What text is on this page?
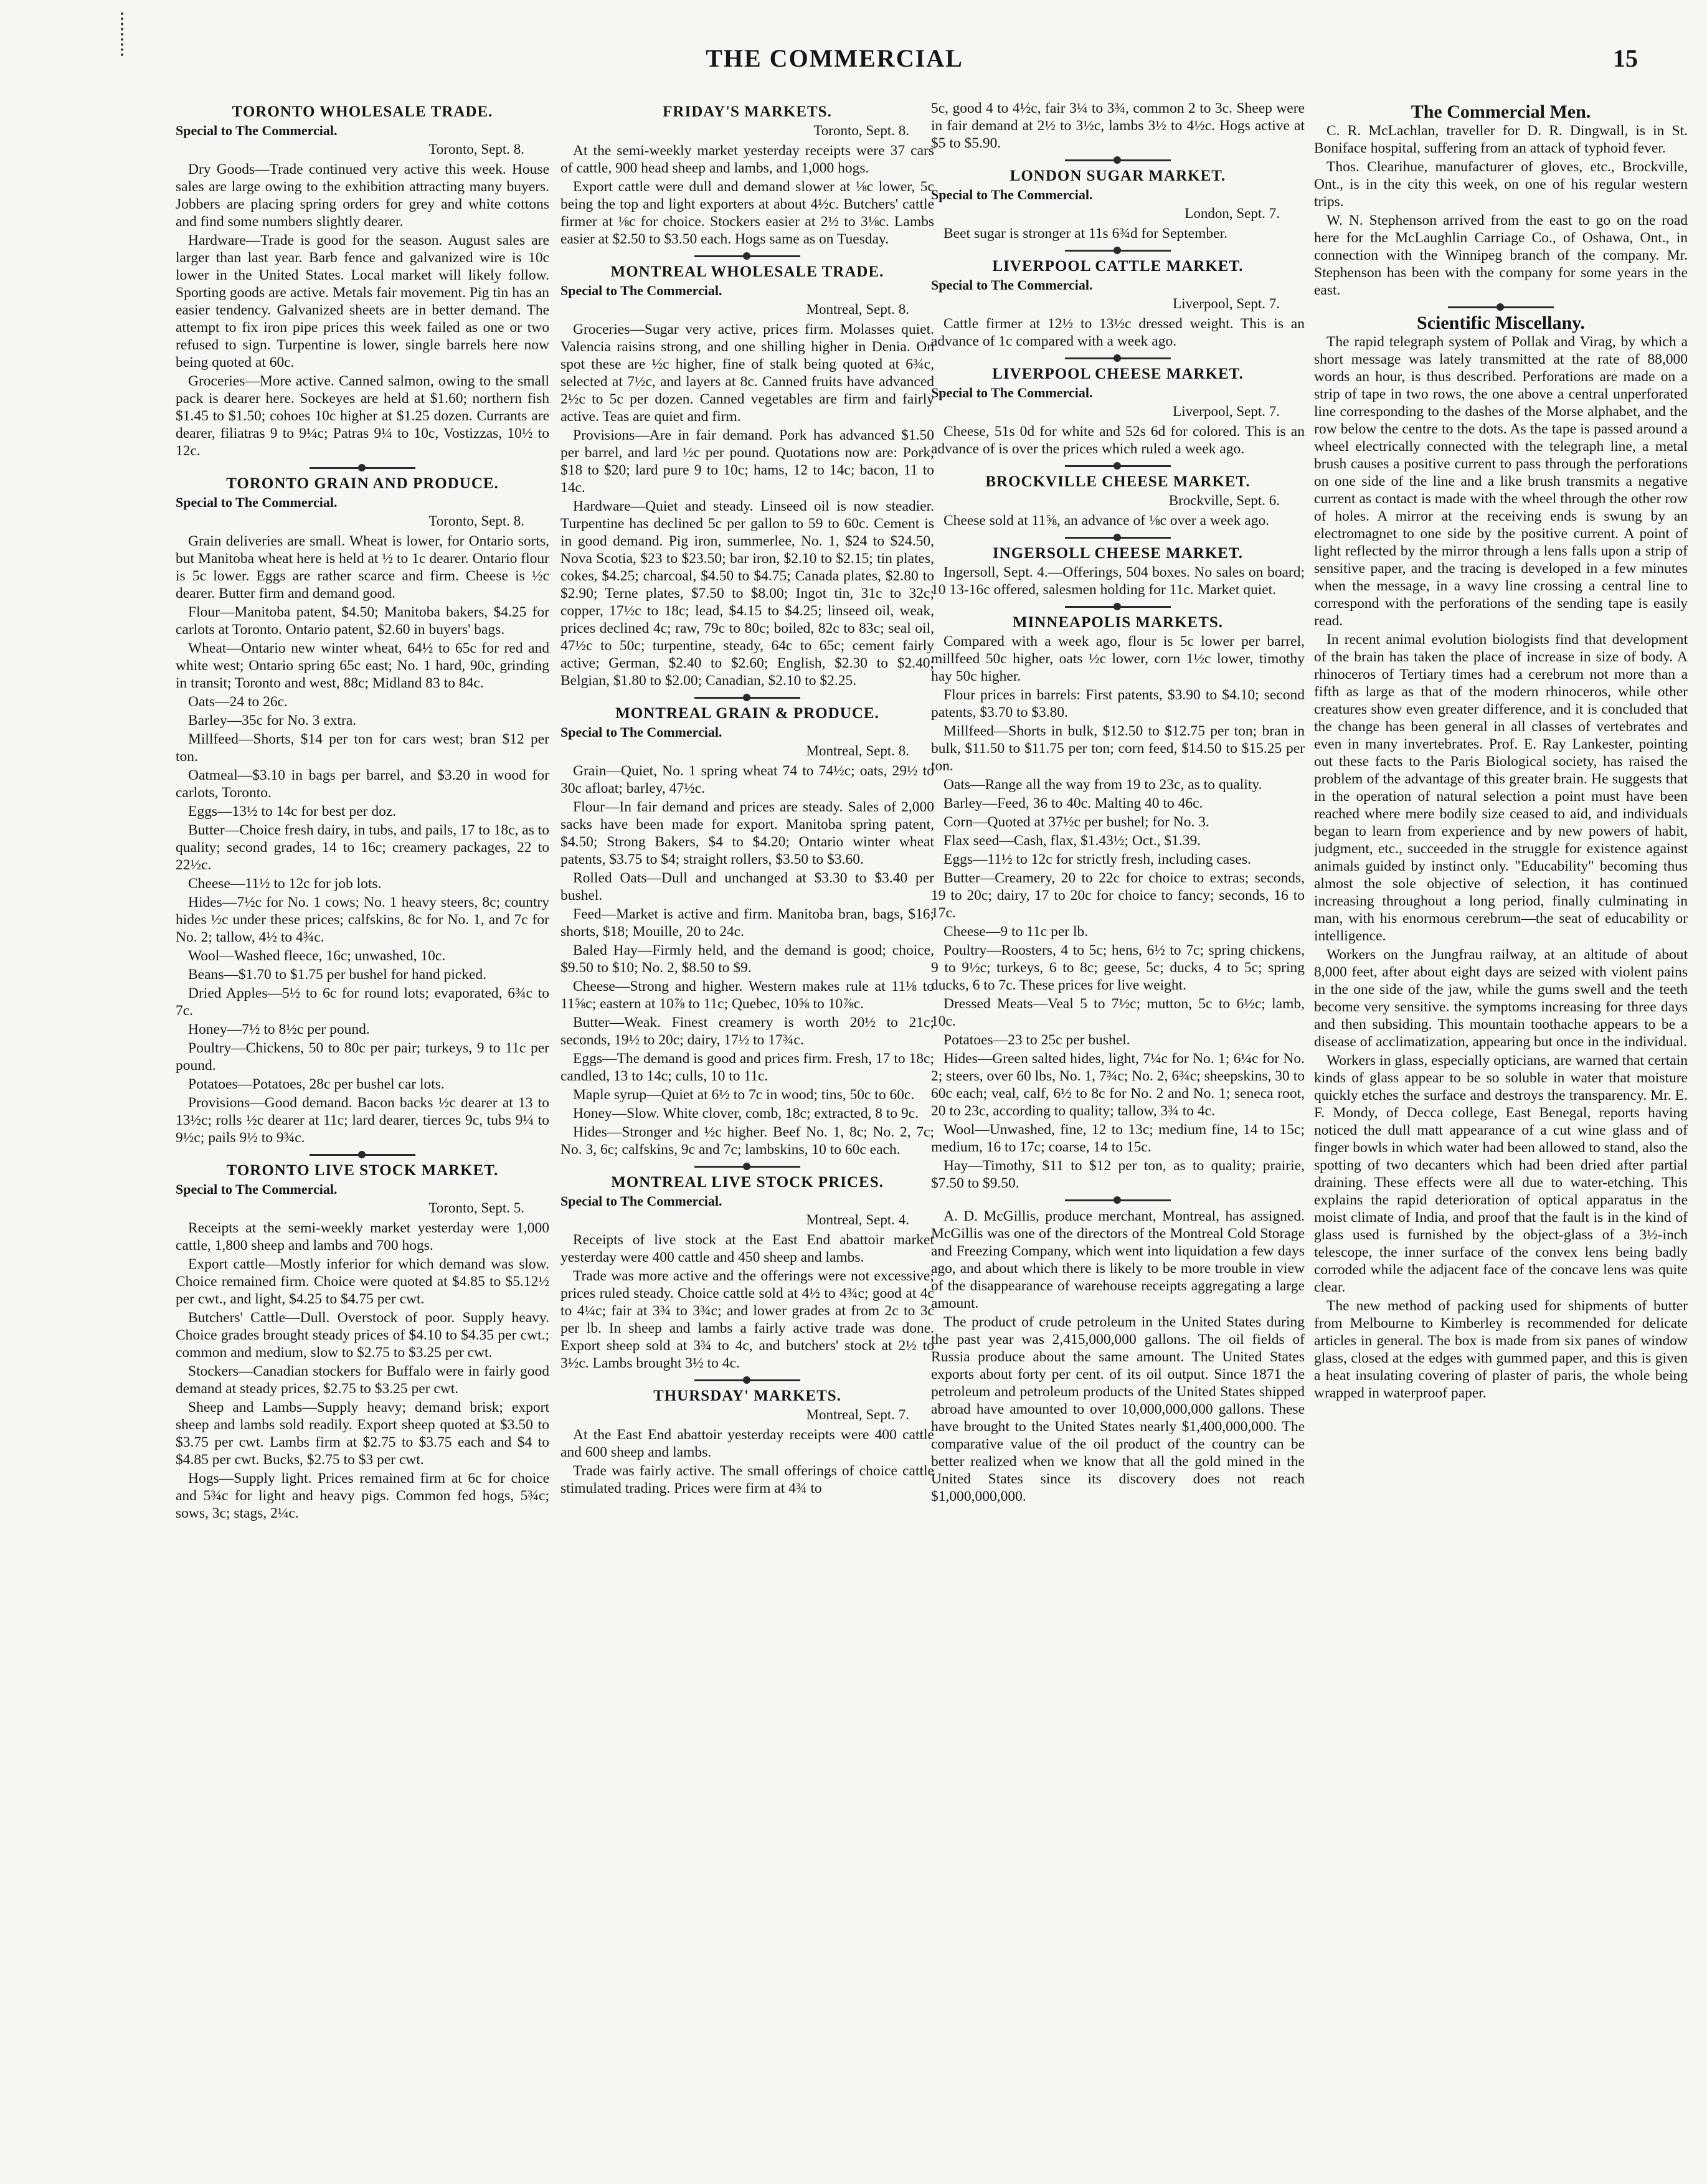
THE COMMERCIAL	15
TORONTO WHOLESALE TRADE.
Special to The Commercial.
Toronto, Sept. 8.
Dry Goods—Trade continued very active this week. House sales are large owing to the exhibition attracting many buyers. Jobbers are placing spring orders for grey and white cottons and find some numbers slightly dearer.
Hardware—Trade is good for the season. August sales are larger than last year. Barb fence and galvanized wire is 10c lower in the United States. Local market will likely follow. Sporting goods are active. Metals fair movement. Pig tin has an easier tendency. Galvanized sheets are in better demand. The attempt to fix iron pipe prices this week failed as one or two refused to sign. Turpentine is lower, single barrels here now being quoted at 60c.
Groceries—More active. Canned salmon, owing to the small pack is dearer here. Sockeyes are held at $1.60; northern fish $1.45 to $1.50; cohoes 10c higher at $1.25 dozen. Currants are dearer, filiatras 9 to 9¼c; Patras 9¼ to 10c, Vostizzas, 10½ to 12c.
TORONTO GRAIN AND PRODUCE.
Special to The Commercial.
Toronto, Sept. 8.
Grain deliveries are small. Wheat is lower, for Ontario sorts, but Manitoba wheat here is held at ½ to 1c dearer. Ontario flour is 5c lower. Eggs are rather scarce and firm. Cheese is ½c dearer. Butter firm and demand good.
Flour—Manitoba patent, $4.50; Manitoba bakers, $4.25 for carlots at Toronto. Ontario patent, $2.60 in buyers' bags.
Wheat—Ontario new winter wheat, 64½ to 65c for red and white west; Ontario spring 65c east; No. 1 hard, 90c, grinding in transit; Toronto and west, 88c; Midland 83 to 84c.
Oats—24 to 26c.
Barley—35c for No. 3 extra.
Millfeed—Shorts, $14 per ton for cars west; bran $12 per ton.
Oatmeal—$3.10 in bags per barrel, and $3.20 in wood for carlots, Toronto.
Eggs—13½ to 14c for best per doz.
Butter—Choice fresh dairy, in tubs, and pails, 17 to 18c, as to quality; second grades, 14 to 16c; creamery packages, 22 to 22½c.
Cheese—11½ to 12c for job lots.
Hides—7½c for No. 1 cows; No. 1 heavy steers, 8c; country hides ½c under these prices; calfskins, 8c for No. 1, and 7c for No. 2; tallow, 4½ to 4¾c.
Wool—Washed fleece, 16c; unwashed, 10c.
Beans—$1.70 to $1.75 per bushel for hand picked.
Dried Apples—5½ to 6c for round lots; evaporated, 6¾c to 7c.
Honey—7½ to 8½c per pound.
Poultry—Chickens, 50 to 80c per pair; turkeys, 9 to 11c per pound.
Potatoes—Potatoes, 28c per bushel car lots.
Provisions—Good demand. Bacon backs ½c dearer at 13 to 13½c; rolls ½c dearer at 11c; lard dearer, tierces 9c, tubs 9¼ to 9½c; pails 9½ to 9¾c.
TORONTO LIVE STOCK MARKET.
Special to The Commercial.
Toronto, Sept. 5.
Receipts at the semi-weekly market yesterday were 1,000 cattle, 1,800 sheep and lambs and 700 hogs.
Export cattle—Mostly inferior for which demand was slow. Choice remained firm. Choice were quoted at $4.85 to $5.12½ per cwt., and light, $4.25 to $4.75 per cwt.
Butchers' Cattle—Dull. Overstock of poor. Supply heavy. Choice grades brought steady prices of $4.10 to $4.35 per cwt.; common and medium, slow to $2.75 to $3.25 per cwt.
Stockers—Canadian stockers for Buffalo were in fairly good demand at steady prices, $2.75 to $3.25 per cwt.
Sheep and Lambs—Supply heavy; demand brisk; export sheep and lambs sold readily. Export sheep quoted at $3.50 to $3.75 per cwt. Lambs firm at $2.75 to $3.75 each and $4 to $4.85 per cwt. Bucks, $2.75 to $3 per cwt.
Hogs—Supply light. Prices remained firm at 6c for choice and 5¾c for light and heavy pigs. Common fed hogs, 5¾c; sows, 3c; stags, 2¼c.
FRIDAY'S MARKETS.
Toronto, Sept. 8.
At the semi-weekly market yesterday receipts were 37 cars of cattle, 900 head sheep and lambs, and 1,000 hogs.
Export cattle were dull and demand slower at ⅛c lower, 5c being the top and light exporters at about 4½c. Butchers' cattle firmer at ⅛c for choice. Stockers easier at 2½ to 3⅛c. Lambs easier at $2.50 to $3.50 each. Hogs same as on Tuesday.
MONTREAL WHOLESALE TRADE.
Special to The Commercial.
Montreal, Sept. 8.
Groceries—Sugar very active, prices firm. Molasses quiet. Valencia raisins strong, and one shilling higher in Denia. On spot these are ½c higher, fine of stalk being quoted at 6¾c, selected at 7½c, and layers at 8c. Canned fruits have advanced 2½c to 5c per dozen. Canned vegetables are firm and fairly active. Teas are quiet and firm.
Provisions—Are in fair demand. Pork has advanced $1.50 per barrel, and lard ½c per pound. Quotations now are: Pork, $18 to $20; lard pure 9 to 10c; hams, 12 to 14c; bacon, 11 to 14c.
Hardware—Quiet and steady. Linseed oil is now steadier. Turpentine has declined 5c per gallon to 59 to 60c. Cement is in good demand. Pig iron, summerlee, No. 1, $24 to $24.50, Nova Scotia, $23 to $23.50; bar iron, $2.10 to $2.15; tin plates, cokes, $4.25; charcoal, $4.50 to $4.75; Canada plates, $2.80 to $2.90; Terne plates, $7.50 to $8.00; Ingot tin, 31c to 32c; copper, 17½c to 18c; lead, $4.15 to $4.25; linseed oil, weak, prices declined 4c; raw, 79c to 80c; boiled, 82c to 83c; seal oil, 47½c to 50c; turpentine, steady, 64c to 65c; cement fairly active; German, $2.40 to $2.60; English, $2.30 to $2.40; Belgian, $1.80 to $2.00; Canadian, $2.10 to $2.25.
MONTREAL GRAIN & PRODUCE.
Special to The Commercial.
Montreal, Sept. 8.
Grain—Quiet, No. 1 spring wheat 74 to 74½c; oats, 29½ to 30c afloat; barley, 47½c.
Flour—In fair demand and prices are steady. Sales of 2,000 sacks have been made for export. Manitoba spring patent, $4.50; Strong Bakers, $4 to $4.20; Ontario winter wheat patents, $3.75 to $4; straight rollers, $3.50 to $3.60.
Rolled Oats—Dull and unchanged at $3.30 to $3.40 per bushel.
Feed—Market is active and firm. Manitoba bran, bags, $16; shorts, $18; Mouille, 20 to 24c.
Baled Hay—Firmly held, and the demand is good; choice, $9.50 to $10; No. 2, $8.50 to $9.
Cheese—Strong and higher. Western makes rule at 11⅛ to 11⅝c; eastern at 10⅞ to 11c; Quebec, 10⅝ to 10⅞c.
Butter—Weak. Finest creamery is worth 20½ to 21c; seconds, 19½ to 20c; dairy, 17½ to 17¾c.
Eggs—The demand is good and prices firm. Fresh, 17 to 18c; candled, 13 to 14c; culls, 10 to 11c.
Maple syrup—Quiet at 6½ to 7c in wood; tins, 50c to 60c.
Honey—Slow. White clover, comb, 18c; extracted, 8 to 9c.
Hides—Stronger and ½c higher. Beef No. 1, 8c; No. 2, 7c; No. 3, 6c; calfskins, 9c and 7c; lambskins, 10 to 60c each.
MONTREAL LIVE STOCK PRICES.
Special to The Commercial.
Montreal, Sept. 4.
Receipts of live stock at the East End abattoir market yesterday were 400 cattle and 450 sheep and lambs.
Trade was more active and the offerings were not excessive; prices ruled steady. Choice cattle sold at 4½ to 4¾c; good at 4c to 4¼c; fair at 3¾ to 3¾c; and lower grades at from 2c to 3c per lb. In sheep and lambs a fairly active trade was done. Export sheep sold at 3¾ to 4c, and butchers' stock at 2½ to 3½c. Lambs brought 3½ to 4c.
THURSDAY' MARKETS.
Montreal, Sept. 7.
At the East End abattoir yesterday receipts were 400 cattle and 600 sheep and lambs.
Trade was fairly active. The small offerings of choice cattle stimulated trading. Prices were firm at 4¾ to
5c, good 4 to 4½c, fair 3¼ to 3¾, common 2 to 3c. Sheep were in fair demand at 2½ to 3½c, lambs 3½ to 4½c. Hogs active at $5 to $5.90.
LONDON SUGAR MARKET.
Special to The Commercial.
London, Sept. 7.
Beet sugar is stronger at 11s 6¾d for September.
LIVERPOOL CATTLE MARKET.
Special to The Commercial.
Liverpool, Sept. 7.
Cattle firmer at 12½ to 13½c dressed weight. This is an advance of 1c compared with a week ago.
LIVERPOOL CHEESE MARKET.
Special to The Commercial.
Liverpool, Sept. 7.
Cheese, 51s 0d for white and 52s 6d for colored. This is an advance of is over the prices which ruled a week ago.
BROCKVILLE CHEESE MARKET.
Brockville, Sept. 6.
Cheese sold at 11⅝, an advance of ⅛c over a week ago.
INGERSOLL CHEESE MARKET.
Ingersoll, Sept. 4.—Offerings, 504 boxes. No sales on board; 10 13-16c offered, salesmen holding for 11c. Market quiet.
MINNEAPOLIS MARKETS.
Compared with a week ago, flour is 5c lower per barrel, millfeed 50c higher, oats ½c lower, corn 1½c lower, timothy hay 50c higher.
Flour prices in barrels: First patents, $3.90 to $4.10; second patents, $3.70 to $3.80.
Millfeed—Shorts in bulk, $12.50 to $12.75 per ton; bran in bulk, $11.50 to $11.75 per ton; corn feed, $14.50 to $15.25 per ton.
Oats—Range all the way from 19 to 23c, as to quality.
Barley—Feed, 36 to 40c. Malting 40 to 46c.
Corn—Quoted at 37½c per bushel; for No. 3.
Flax seed—Cash, flax, $1.43½; Oct., $1.39.
Eggs—11½ to 12c for strictly fresh, including cases.
Butter—Creamery, 20 to 22c for choice to extras; seconds, 19 to 20c; dairy, 17 to 20c for choice to fancy; seconds, 16 to 17c.
Cheese—9 to 11c per lb.
Poultry—Roosters, 4 to 5c; hens, 6½ to 7c; spring chickens, 9 to 9½c; turkeys, 6 to 8c; geese, 5c; ducks, 4 to 5c; spring ducks, 6 to 7c. These prices for live weight.
Dressed Meats—Veal 5 to 7½c; mutton, 5c to 6½c; lamb, 10c.
Potatoes—23 to 25c per bushel.
Hides—Green salted hides, light, 7¼c for No. 1; 6¼c for No. 2; steers, over 60 lbs, No. 1, 7¾c; No. 2, 6¾c; sheepskins, 30 to 60c each; veal, calf, 6½ to 8c for No. 2 and No. 1; seneca root, 20 to 23c, according to quality; tallow, 3¾ to 4c.
Wool—Unwashed, fine, 12 to 13c; medium fine, 14 to 15c; medium, 16 to 17c; coarse, 14 to 15c.
Hay—Timothy, $11 to $12 per ton, as to quality; prairie, $7.50 to $9.50.
A. D. McGillis, produce merchant, Montreal, has assigned. McGillis was one of the directors of the Montreal Cold Storage and Freezing Company, which went into liquidation a few days ago, and about which there is likely to be more trouble in view of the disappearance of warehouse receipts aggregating a large amount.
The product of crude petroleum in the United States during the past year was 2,415,000,000 gallons. The oil fields of Russia produce about the same amount. The United States exports about forty per cent. of its oil output. Since 1871 the petroleum and petroleum products of the United States shipped abroad have amounted to over 10,000,000,000 gallons. These have brought to the United States nearly $1,400,000,000. The comparative value of the oil product of the country can be better realized when we know that all the gold mined in the United States since its discovery does not reach $1,000,000,000.
The Commercial Men.
C. R. McLachlan, traveller for D. R. Dingwall, is in St. Boniface hospital, suffering from an attack of typhoid fever.
Thos. Clearihue, manufacturer of gloves, etc., Brockville, Ont., is in the city this week, on one of his regular western trips.
W. N. Stephenson arrived from the east to go on the road here for the McLaughlin Carriage Co., of Oshawa, Ont., in connection with the Winnipeg branch of the company. Mr. Stephenson has been with the company for some years in the east.
Scientific Miscellany.
The rapid telegraph system of Pollak and Virag, by which a short message was lately transmitted at the rate of 88,000 words an hour, is thus described. Perforations are made on a strip of tape in two rows, the one above a central unperforated line corresponding to the dashes of the Morse alphabet, and the row below the centre to the dots. As the tape is passed around a wheel electrically connected with the telegraph line, a metal brush causes a positive current to pass through the perforations on one side of the line and a like brush transmits a negative current as contact is made with the wheel through the other row of holes. A mirror at the receiving ends is swung by an electromagnet to one side by the positive current. A point of light reflected by the mirror through a lens falls upon a strip of sensitive paper, and the tracing is developed in a few minutes when the message, in a wavy line crossing a central line to correspond with the perforations of the sending tape is easily read.
In recent animal evolution biologists find that development of the brain has taken the place of increase in size of body. A rhinoceros of Tertiary times had a cerebrum not more than a fifth as large as that of the modern rhinoceros, while other creatures show even greater difference, and it is concluded that the change has been general in all classes of vertebrates and even in many invertebrates. Prof. E. Ray Lankester, pointing out these facts to the Paris Biological society, has raised the problem of the advantage of this greater brain. He suggests that in the operation of natural selection a point must have been reached where mere bodily size ceased to aid, and individuals began to learn from experience and by new powers of habit, judgment, etc., succeeded in the struggle for existence against animals guided by instinct only. "Educability" becoming thus almost the sole objective of selection, it has continued increasing throughout a long period, finally culminating in man, with his enormous cerebrum—the seat of educability or intelligence.
Workers on the Jungfrau railway, at an altitude of about 8,000 feet, after about eight days are seized with violent pains in the one side of the jaw, while the gums swell and the teeth become very sensitive. the symptoms increasing for three days and then subsiding. This mountain toothache appears to be a disease of acclimatization, appearing but once in the individual.
Workers in glass, especially opticians, are warned that certain kinds of glass appear to be so soluble in water that moisture quickly etches the surface and destroys the transparency. Mr. E. F. Mondy, of Decca college, East Benegal, reports having noticed the dull matt appearance of a cut wine glass and of finger bowls in which water had been allowed to stand, also the spotting of two decanters which had been dried after partial draining. These effects were all due to water-etching. This explains the rapid deterioration of optical apparatus in the moist climate of India, and proof that the fault is in the kind of glass used is furnished by the object-glass of a 3½-inch telescope, the inner surface of the convex lens being badly corroded while the adjacent face of the concave lens was quite clear.
The new method of packing used for shipments of butter from Melbourne to Kimberley is recommended for delicate articles in general. The box is made from six panes of window glass, closed at the edges with gummed paper, and this is given a heat insulating covering of plaster of paris, the whole being wrapped in waterproof paper.
